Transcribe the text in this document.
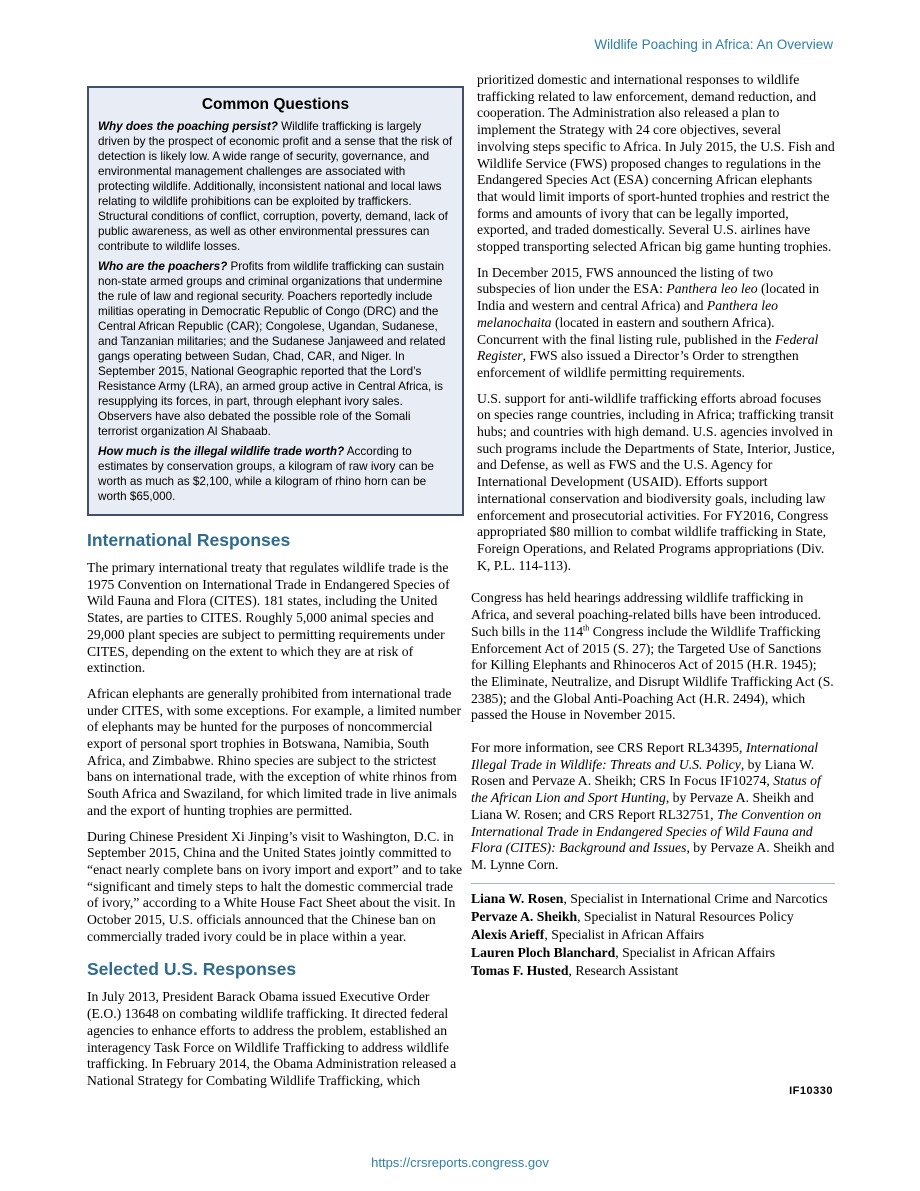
Wildlife Poaching in Africa: An Overview
Common Questions

Why does the poaching persist? Wildlife trafficking is largely driven by the prospect of economic profit and a sense that the risk of detection is likely low. A wide range of security, governance, and environmental management challenges are associated with protecting wildlife. Additionally, inconsistent national and local laws relating to wildlife prohibitions can be exploited by traffickers. Structural conditions of conflict, corruption, poverty, demand, lack of public awareness, as well as other environmental pressures can contribute to wildlife losses.

Who are the poachers? Profits from wildlife trafficking can sustain non-state armed groups and criminal organizations that undermine the rule of law and regional security. Poachers reportedly include militias operating in Democratic Republic of Congo (DRC) and the Central African Republic (CAR); Congolese, Ugandan, Sudanese, and Tanzanian militaries; and the Sudanese Janjaweed and related gangs operating between Sudan, Chad, CAR, and Niger. In September 2015, National Geographic reported that the Lord’s Resistance Army (LRA), an armed group active in Central Africa, is resupplying its forces, in part, through elephant ivory sales. Observers have also debated the possible role of the Somali terrorist organization Al Shabaab.

How much is the illegal wildlife trade worth? According to estimates by conservation groups, a kilogram of raw ivory can be worth as much as $2,100, while a kilogram of rhino horn can be worth $65,000.

International Responses

The primary international treaty that regulates wildlife trade is the 1975 Convention on International Trade in Endangered Species of Wild Fauna and Flora (CITES). 181 states, including the United States, are parties to CITES. Roughly 5,000 animal species and 29,000 plant species are subject to permitting requirements under CITES, depending on the extent to which they are at risk of extinction.

African elephants are generally prohibited from international trade under CITES, with some exceptions. For example, a limited number of elephants may be hunted for the purposes of noncommercial export of personal sport trophies in Botswana, Namibia, South Africa, and Zimbabwe. Rhino species are subject to the strictest bans on international trade, with the exception of white rhinos from South Africa and Swaziland, for which limited trade in live animals and the export of hunting trophies are permitted.

During Chinese President Xi Jinping’s visit to Washington, D.C. in September 2015, China and the United States jointly committed to “enact nearly complete bans on ivory import and export” and to take “significant and timely steps to halt the domestic commercial trade of ivory,” according to a White House Fact Sheet about the visit. In October 2015, U.S. officials announced that the Chinese ban on commercially traded ivory could be in place within a year.

Selected U.S. Responses

In July 2013, President Barack Obama issued Executive Order (E.O.) 13648 on combating wildlife trafficking. It directed federal agencies to enhance efforts to address the problem, established an interagency Task Force on Wildlife Trafficking to address wildlife trafficking. In February 2014, the Obama Administration released a National Strategy for Combating Wildlife Trafficking, which

prioritized domestic and international responses to wildlife trafficking related to law enforcement, demand reduction, and cooperation. The Administration also released a plan to implement the Strategy with 24 core objectives, several involving steps specific to Africa. In July 2015, the U.S. Fish and Wildlife Service (FWS) proposed changes to regulations in the Endangered Species Act (ESA) concerning African elephants that would limit imports of sport-hunted trophies and restrict the forms and amounts of ivory that can be legally imported, exported, and traded domestically. Several U.S. airlines have stopped transporting selected African big game hunting trophies.

In December 2015, FWS announced the listing of two subspecies of lion under the ESA: Panthera leo leo (located in India and western and central Africa) and Panthera leo melanochaita (located in eastern and southern Africa). Concurrent with the final listing rule, published in the Federal Register, FWS also issued a Director’s Order to strengthen enforcement of wildlife permitting requirements.

U.S. support for anti-wildlife trafficking efforts abroad focuses on species range countries, including in Africa; trafficking transit hubs; and countries with high demand. U.S. agencies involved in such programs include the Departments of State, Interior, Justice, and Defense, as well as FWS and the U.S. Agency for International Development (USAID). Efforts support international conservation and biodiversity goals, including law enforcement and prosecutorial activities. For FY2016, Congress appropriated $80 million to combat wildlife trafficking in State, Foreign Operations, and Related Programs appropriations (Div. K, P.L. 114-113).

Congress has held hearings addressing wildlife trafficking in Africa, and several poaching-related bills have been introduced. Such bills in the 114th Congress include the Wildlife Trafficking Enforcement Act of 2015 (S. 27); the Targeted Use of Sanctions for Killing Elephants and Rhinoceros Act of 2015 (H.R. 1945); the Eliminate, Neutralize, and Disrupt Wildlife Trafficking Act (S. 2385); and the Global Anti-Poaching Act (H.R. 2494), which passed the House in November 2015.

For more information, see CRS Report RL34395, International Illegal Trade in Wildlife: Threats and U.S. Policy, by Liana W. Rosen and Pervaze A. Sheikh; CRS In Focus IF10274, Status of the African Lion and Sport Hunting, by Pervaze A. Sheikh and Liana W. Rosen; and CRS Report RL32751, The Convention on International Trade in Endangered Species of Wild Fauna and Flora (CITES): Background and Issues, by Pervaze A. Sheikh and M. Lynne Corn.

Liana W. Rosen, Specialist in International Crime and Narcotics

Pervaze A. Sheikh, Specialist in Natural Resources Policy

Alexis Arieff, Specialist in African Affairs

Lauren Ploch Blanchard, Specialist in African Affairs

Tomas F. Husted, Research Assistant

IF10330
https://crsreports.congress.gov
